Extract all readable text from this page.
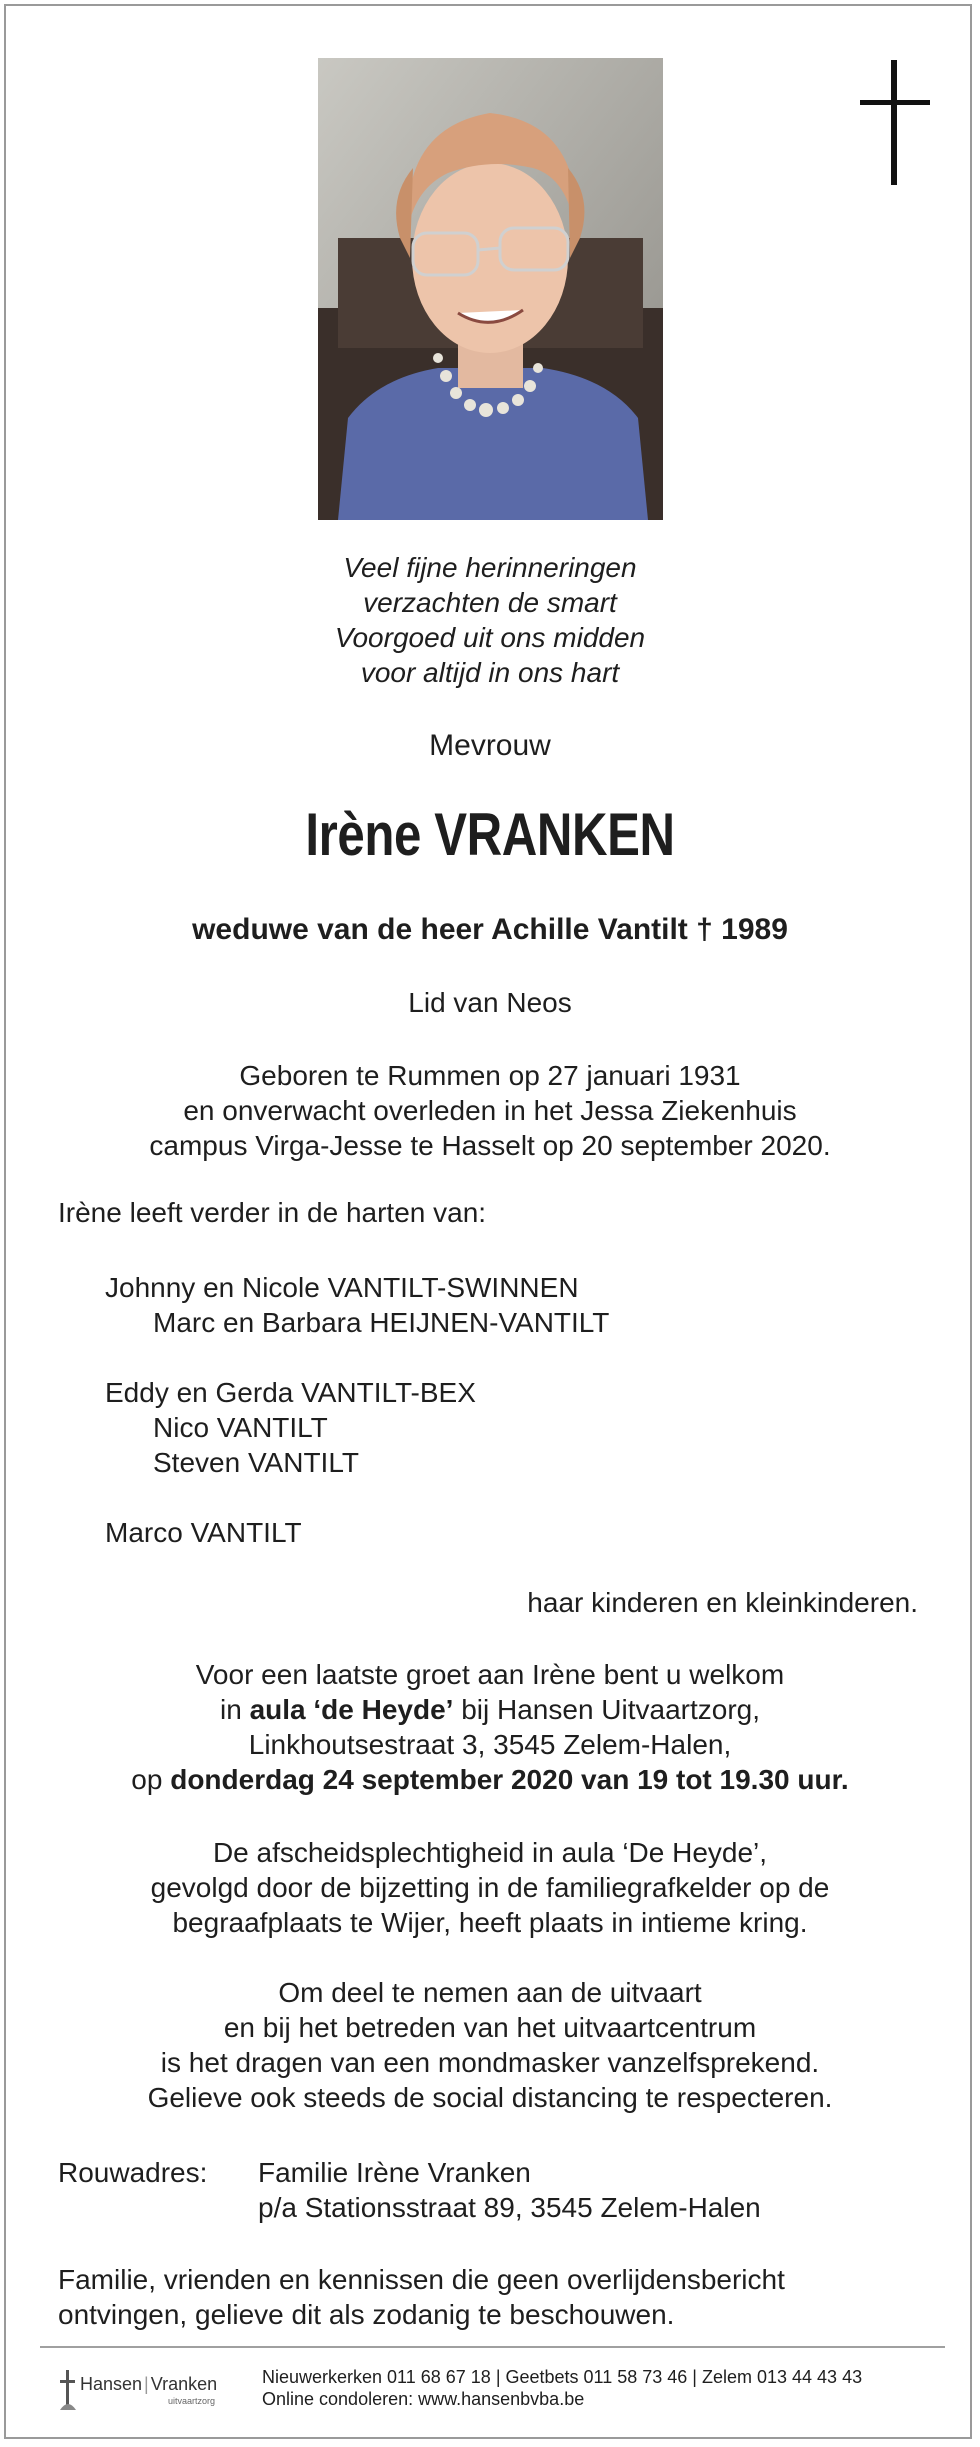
Veel fijne herinneringen
verzachten de smart
Voorgoed uit ons midden
voor altijd in ons hart
Mevrouw
Irène VRANKEN
weduwe van de heer Achille Vantilt † 1989
Lid van Neos
Geboren te Rummen op 27 januari 1931
en onverwacht overleden in het Jessa Ziekenhuis
campus Virga-Jesse te Hasselt op 20 september 2020.
Irène leeft verder in de harten van:
Johnny en Nicole VANTILT-SWINNEN
Marc en Barbara HEIJNEN-VANTILT
Eddy en Gerda VANTILT-BEX
Nico VANTILT
Steven VANTILT
Marco VANTILT
haar kinderen en kleinkinderen.
Voor een laatste groet aan Irène bent u welkom
in aula ‘de Heyde’ bij Hansen Uitvaartzorg,
Linkhoutsestraat 3, 3545 Zelem-Halen,
op donderdag 24 september 2020 van 19 tot 19.30 uur.
De afscheidsplechtigheid in aula ‘De Heyde’,
gevolgd door de bijzetting in de familiegrafkelder op de
begraafplaats te Wijer, heeft plaats in intieme kring.
Om deel te nemen aan de uitvaart
en bij het betreden van het uitvaartcentrum
is het dragen van een mondmasker vanzelfsprekend.
Gelieve ook steeds de social distancing te respecteren.
Rouwadres: Familie Irène Vranken
p/a Stationsstraat 89, 3545 Zelem-Halen
Familie, vrienden en kennissen die geen overlijdensbericht
ontvingen, gelieve dit als zodanig te beschouwen.
Hansen | Vranken
uitvaartzorg
Nieuwerkerken 011 68 67 18 | Geetbets 011 58 73 46 | Zelem 013 44 43 43
Online condoleren: www.hansenbvba.be
